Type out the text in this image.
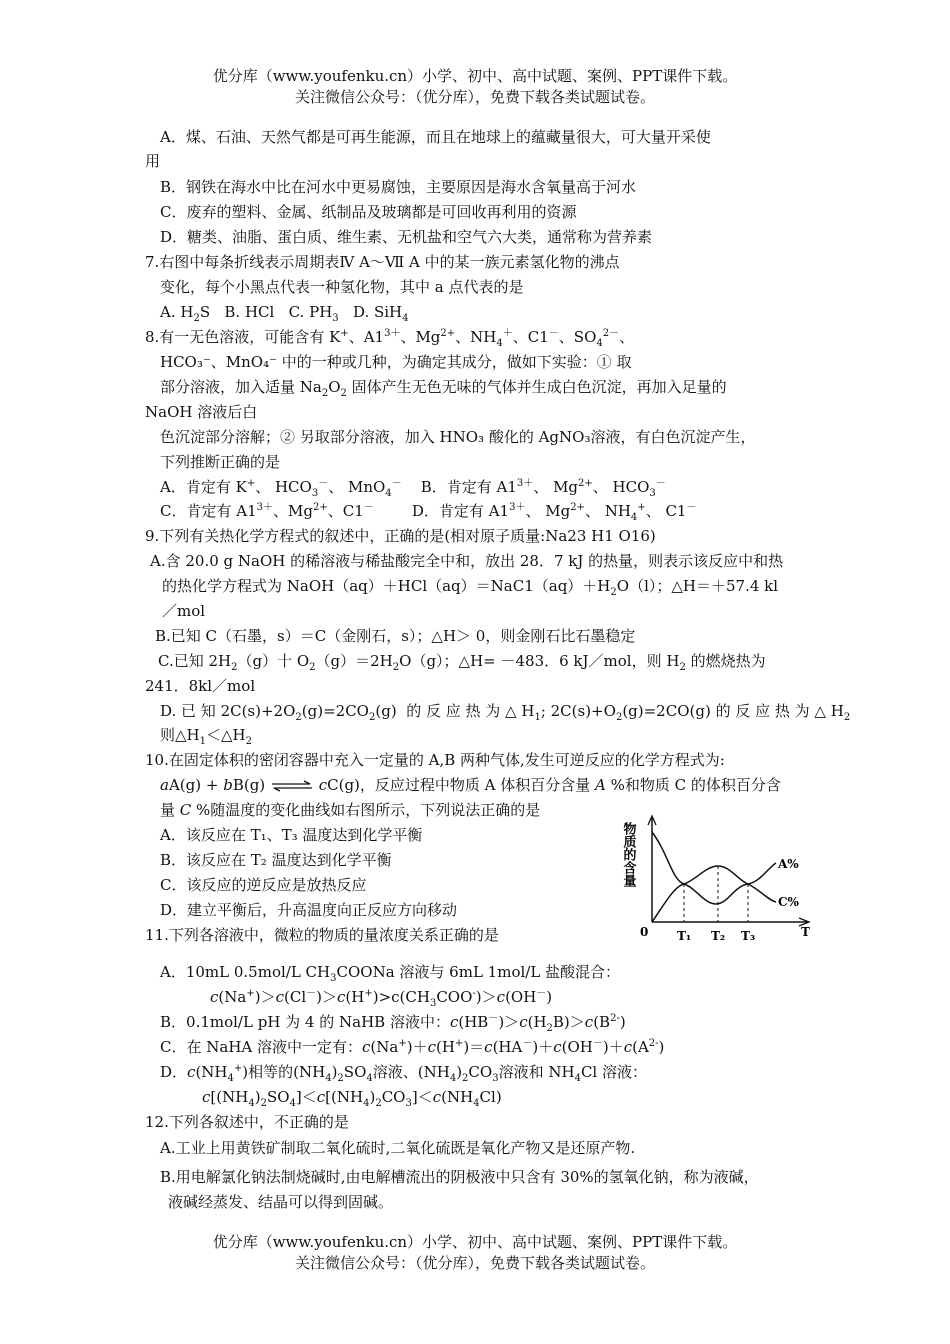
优分库（www.youfenku.cn）小学、初中、高中试题、案例、PPT课件下载。
关注微信公众号：（优分库），免费下载各类试题试卷。
A．煤、石油、天然气都是可再生能源，而且在地球上的蕴藏量很大，可大量开采使
用
B．钢铁在海水中比在河水中更易腐蚀，主要原因是海水含氧量高于河水
C．废弃的塑料、金属、纸制品及玻璃都是可回收再利用的资源
D．糖类、油脂、蛋白质、维生素、无机盐和空气六大类，通常称为营养素
7.右图中每条折线表示周期表Ⅳ A～Ⅶ A 中的某一族元素氢化物的沸点
变化，每个小黑点代表一种氢化物，其中 a 点代表的是
A. $H_2S$   B. HCl   C. $PH_3$   D. SiH$_4$
8.有一无色溶液，可能含有 K+、$A1^{3+}$、$Mg^{2+}$、$NH_4^+$、C1－、$SO_4^{2-}$、
HCO₃⁻、MnO₄⁻ 中的一种或几种，为确定其成分，做如下实验：① 取
部分溶液，加入适量 $Na_2O_2$ 固体产生无色无味的气体并生成白色沉淀，再加入足量的
NaOH 溶液后白
色沉淀部分溶解；② 另取部分溶液，加入 HNO₃ 酸化的 AgNO₃溶液，有白色沉淀产生，
下列推断正确的是
A．肯定有 K+、 $HCO_3^-$、 MnO$_4$－    B．肯定有 $A1^{3+}$、 $Mg^{2+}$、 $HCO_3^-$
C．肯定有 $A1^{3+}$、$Mg^{2+}$、C1－        D．肯定有 $A1^{3+}$、 $Mg^{2+}$、 $NH_4^+$、 C1－
9.下列有关热化学方程式的叙述中，正确的是(相对原子质量:Na23 H1 O16)
A.含 20.0 g NaOH 的稀溶液与稀盐酸完全中和，放出 28．7 kJ 的热量，则表示该反应中和热
的热化学方程式为 $NaOH(aq)+HCl(aq)=NaC1(aq)+H_2O(l)$；△H＝＋57.4 kl
／mol
B.已知 C（石墨，s）＝C（金刚石，s）；△H＞ 0，则金刚石比石墨稳定
C.已知 $2H_2(g)$十 $O_2(g)=2H_2O(g)$；△H= －483．6 kJ／mol，则 $H_2$ 的燃烧热为
241．8kl／mol
D. 已 知 $2C(s)+2O_2(g)=2CO_2(g)$  的 反 应 热 为 △ $H_1$; $2C(s)+O_2(g)=2CO(g)$ 的 反 应 热 为 △ $H_2$
则$\triangle H_1<\triangle H_2$
10.在固定体积的密闭容器中充入一定量的 A,B 两种气体,发生可逆反应的化学方程式为:
aA(g) + bB(g) ⇌ cC(g)，反应过程中物质 A 体积百分含量 A %和物质 C 的体积百分含
量 C %随温度的变化曲线如右图所示，下列说法正确的是
A．该反应在 T₁、T₃ 温度达到化学平衡
B．该反应在 T₂ 温度达到化学平衡
C．该反应的逆反应是放热反应
D．建立平衡后，升高温度向正反应方向移动
物质的含量	A%
C%
0 T₁ T₂ T₃	T
11.下列各溶液中，微粒的物质的量浓度关系正确的是
A．10mL 0.5mol/L $CH_3COONa$ 溶液与 6mL 1mol/L 盐酸混合：
$c(Na^+)>c(Cl^-)>c(H^+)>c(CH_3COO^-)>c(OH^-)$
B．0.1mol/L pH 为 4 的 NaHB 溶液中：$c(HB^-)>c(H_2B)>c(B^{2-})$
C．在 NaHA 溶液中一定有：$c(Na^+)+c(H^+)=c(HA^-)+c(OH^-)+c(A^{2-})$
D．$c(NH_4^+)$相等的$(NH_4)_2SO_4$溶液、$(NH_4)_2CO_3$溶液和 $NH_4Cl$ 溶液：
$c[(NH_4)_2SO_4]<c[(NH_4)_2CO_3]<c(NH_4Cl)$
12.下列各叙述中，不正确的是
A.工业上用黄铁矿制取二氧化硫时,二氧化硫既是氧化产物又是还原产物.
B.用电解氯化钠法制烧碱时,由电解槽流出的阴极液中只含有 30%的氢氧化钠，称为液碱，
液碱经蒸发、结晶可以得到固碱。
优分库（www.youfenku.cn）小学、初中、高中试题、案例、PPT课件下载。
关注微信公众号：（优分库），免费下载各类试题试卷。
